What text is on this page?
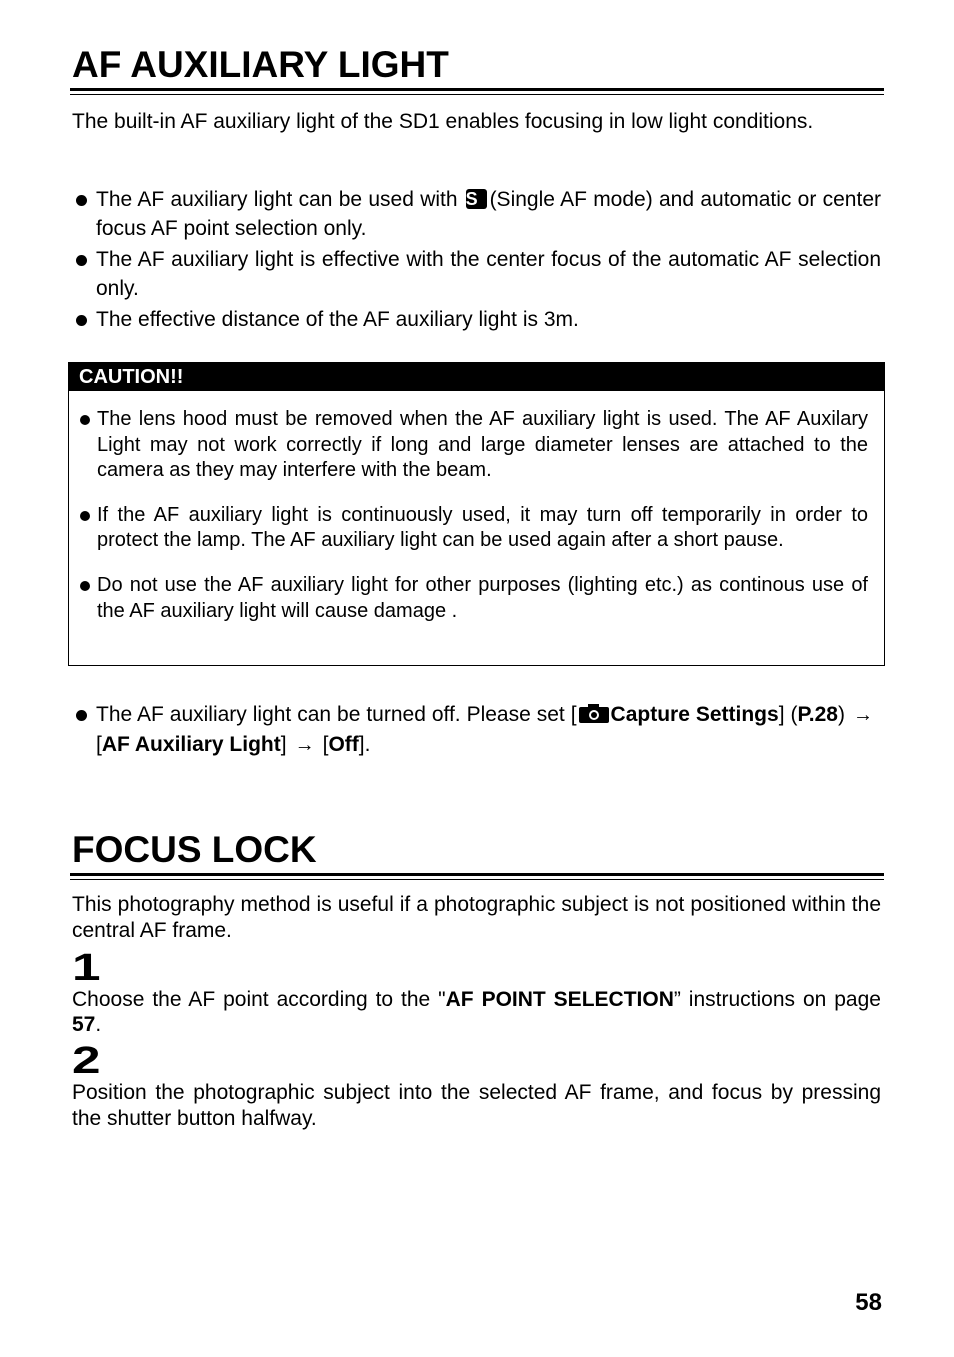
AF AUXILIARY LIGHT

The built-in AF auxiliary light of the SD1 enables focusing in low light conditions.

The AF auxiliary light can be used withS (Single AF mode) and automatic or center focus AF point selection only.
The AF auxiliary light is effective with the center focus of the automatic AF selection only.
The effective distance of the AF auxiliary light is 3m.
CAUTION!!
The lens hood must be removed when the AF auxiliary light is used. The AF Auxilary Light may not work correctly if long and large diameter lenses are attached to the camera as they may interfere with the beam.
If the AF auxiliary light is continuously used, it may turn off temporarily in order to protect the lamp. The AF auxiliary light can be used again after a short pause.
Do not use the AF auxiliary light for other purposes (lighting etc.) as continous use of the AF auxiliary light will cause damage .
The AF auxiliary light can be turned off. Please set [ Capture Settings] (P.28) →[AF Auxiliary Light] → [Off].
FOCUS LOCK

This photography method is useful if a photographic subject is not positioned within the central AF frame.

1

Choose the AF point according to the "AF POINT SELECTION” instructions on page 57.

2

Position the photographic subject into the selected AF frame, and focus by pressing the shutter button halfway.

58
